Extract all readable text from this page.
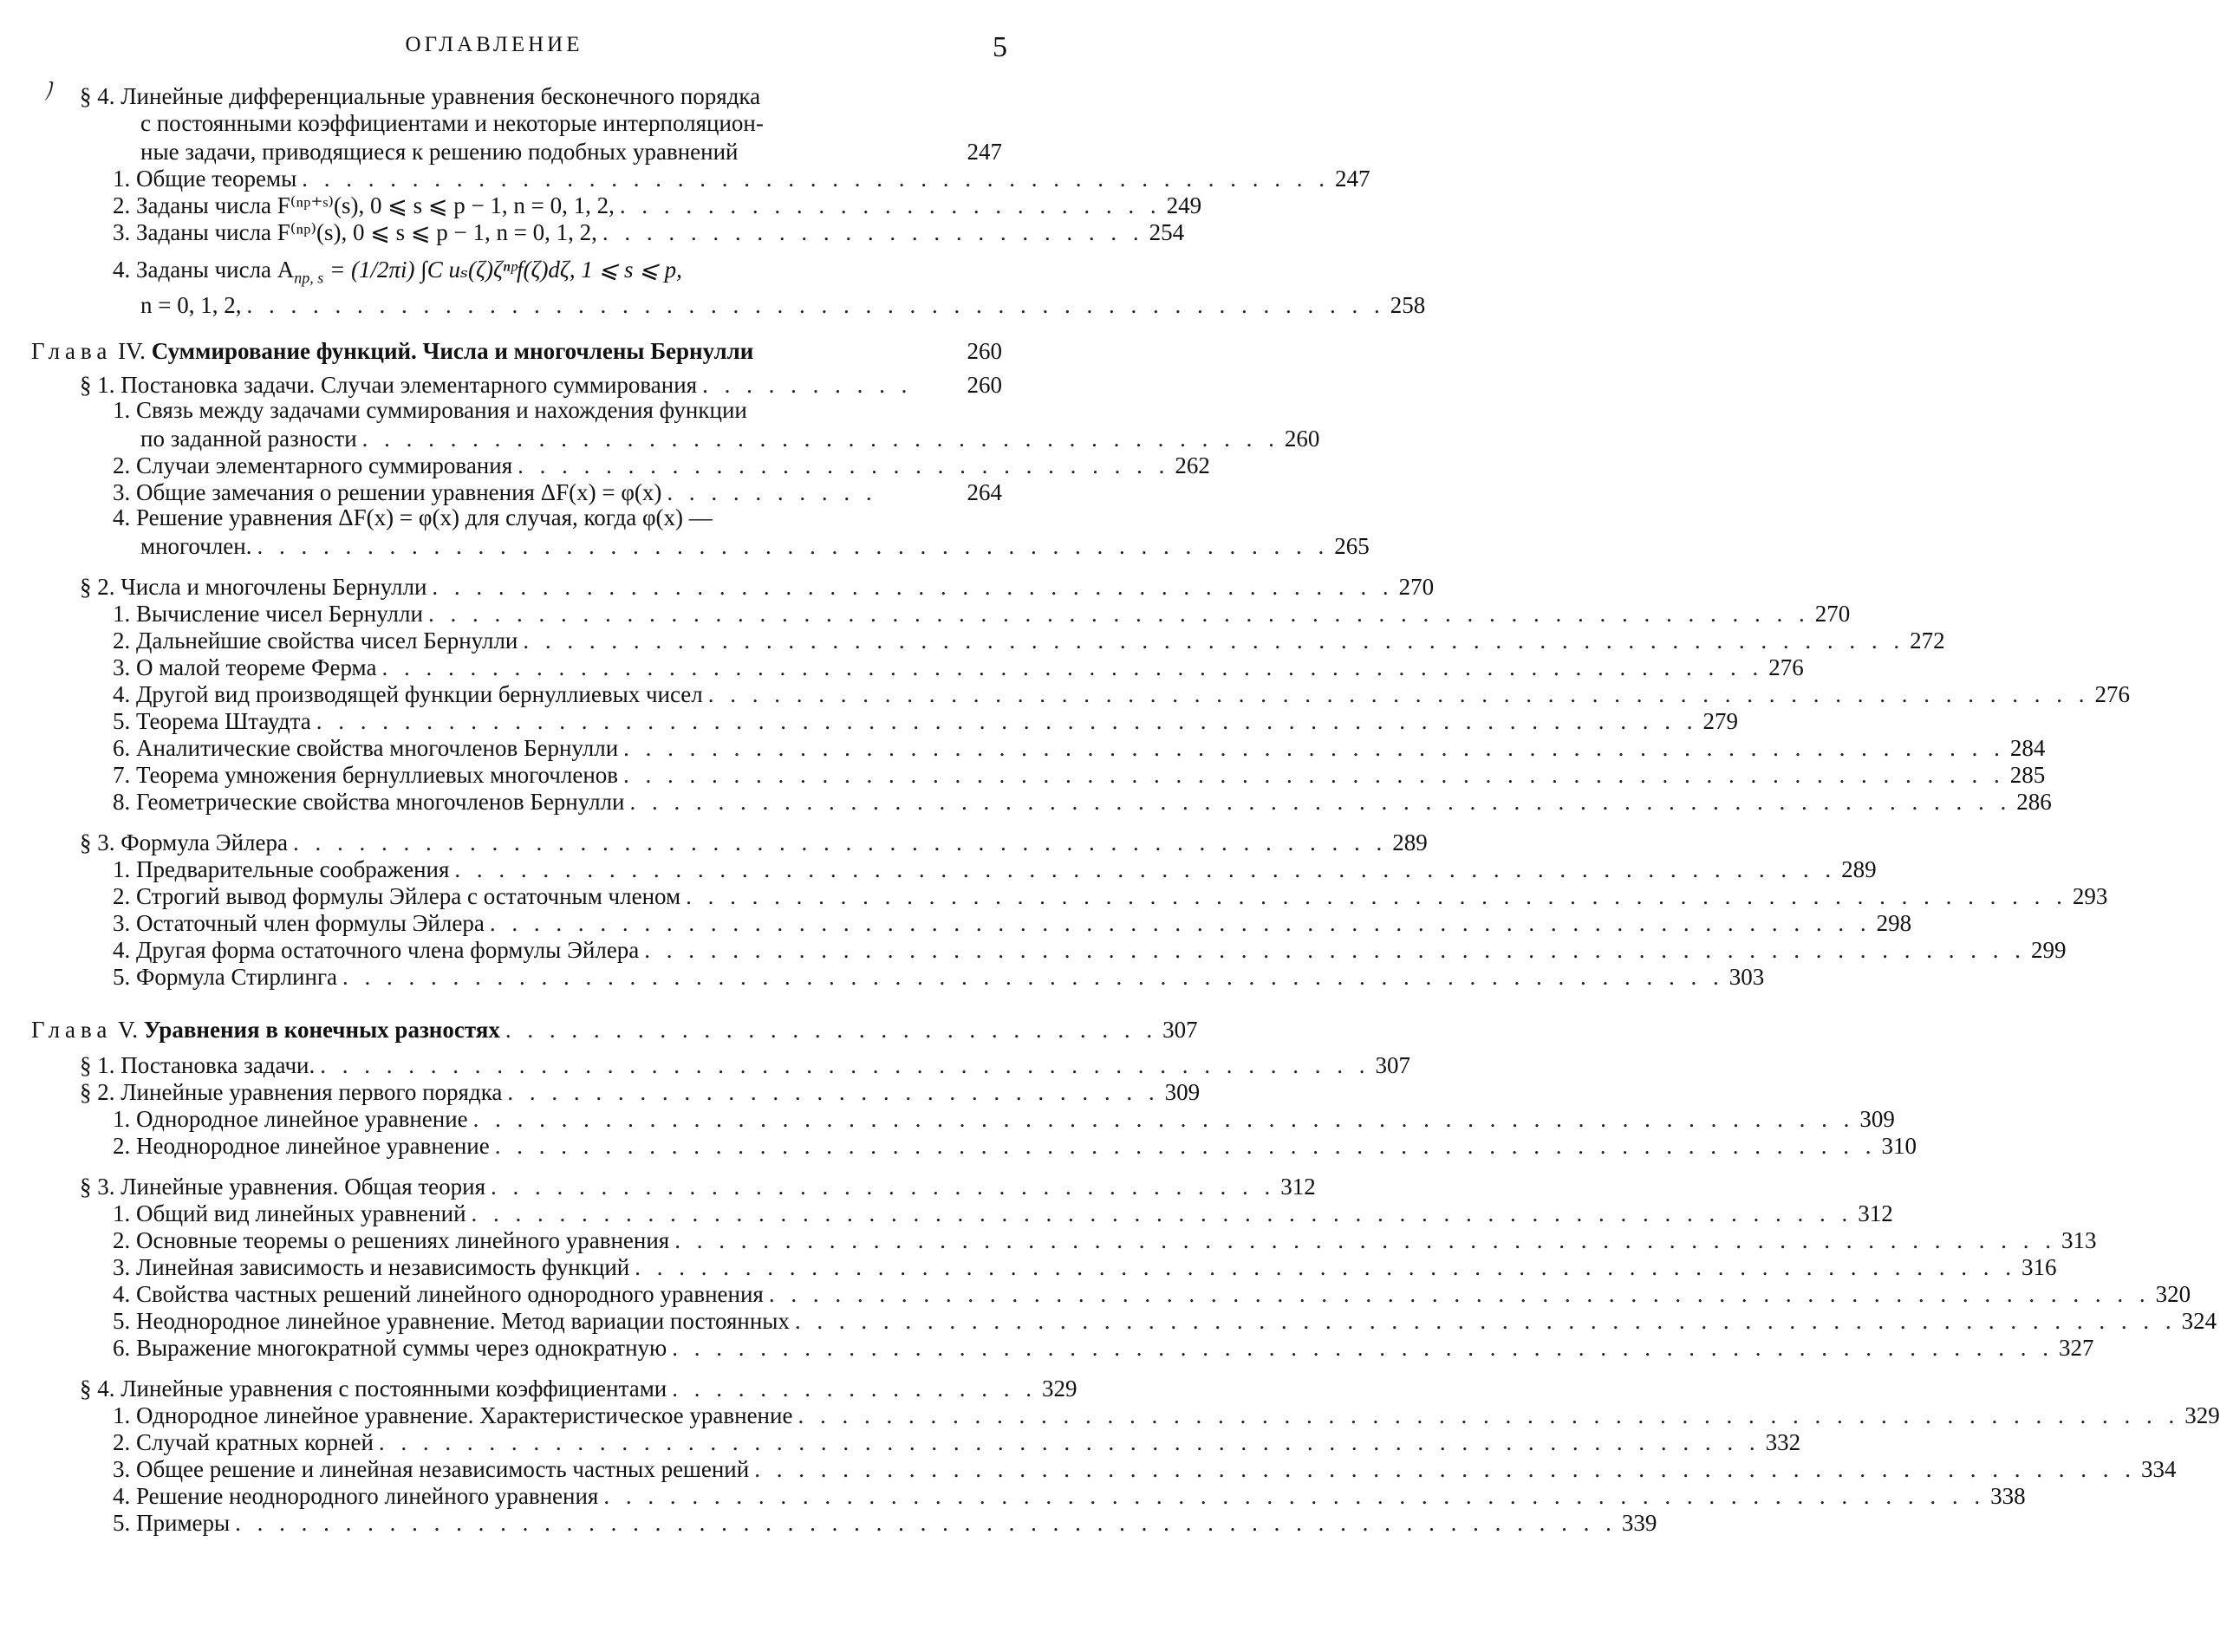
ОГЛАВЛЕНИЕ	5
ノ § 4. Линейные дифференциальные уравнения бесконечного порядка
с постоянными коэффициентами и некоторые интерполяцион-
ные задачи, приводящиеся к решению подобных уравнений	247
1. Общие теоремы . . . . . . . . . . . . . . . . . . . . . . . . . . . . . . . . . . . . . . . . . . . . . . . 247
2. Заданы числа F⁽ⁿᵖ⁺ˢ⁾(s), 0 ⩽ s ⩽ p − 1, n = 0, 1, 2, . . . . . . . . . . . . . . . . . . . . . . . . . 249
3. Заданы числа F⁽ⁿᵖ⁾(s), 0 ⩽ s ⩽ p − 1, n = 0, 1, 2, . . . . . . . . . . . . . . . . . . . . . . . . . 254
4. Заданы числа $A_{np, s} = (1/2\pi i)$ ∫C uₛ(ζ)ζⁿᵖf(ζ)dζ, 1 ⩽ s ⩽ p,
n = 0, 1, 2, . . . . . . . . . . . . . . . . . . . . . . . . . . . . . . . . . . . . . . . . . . . . . . . . . . . . 258
Глава IV. Суммирование функций. Числа и многочлены Бернулли	260
§ 1. Постановка задачи. Случаи элементарного суммирования . . . . . . . . . .	260
1. Связь между задачами суммирования и нахождения функции
по заданной разности . . . . . . . . . . . . . . . . . . . . . . . . . . . . . . . . . . . . . . . . . . 260
2. Случаи элементарного суммирования . . . . . . . . . . . . . . . . . . . . . . . . . . . . . . 262
3. Общие замечания о решении уравнения ΔF(x) = φ(x) . . . . . . . . . .	264
4. Решение уравнения ΔF(x) = φ(x) для случая, когда φ(x) —
многочлен. . . . . . . . . . . . . . . . . . . . . . . . . . . . . . . . . . . . . . . . . . . . . . . . . . 265
§ 2. Числа и многочлены Бернулли . . . . . . . . . . . . . . . . . . . . . . . . . . . . . . . . . . . . . . . . . . . . 270
1. Вычисление чисел Бернулли . . . . . . . . . . . . . . . . . . . . . . . . . . . . . . . . . . . . . . . . . . . . . . . . . . . . . . . . . . . . . . . 270
2. Дальнейшие свойства чисел Бернулли . . . . . . . . . . . . . . . . . . . . . . . . . . . . . . . . . . . . . . . . . . . . . . . . . . . . . . . . . . . . . . . 272
3. О малой теореме Ферма . . . . . . . . . . . . . . . . . . . . . . . . . . . . . . . . . . . . . . . . . . . . . . . . . . . . . . . . . . . . . . . 276
4. Другой вид производящей функции бернуллиевых чисел . . . . . . . . . . . . . . . . . . . . . . . . . . . . . . . . . . . . . . . . . . . . . . . . . . . . . . . . . . . . . . . 276
5. Теорема Штаудта . . . . . . . . . . . . . . . . . . . . . . . . . . . . . . . . . . . . . . . . . . . . . . . . . . . . . . . . . . . . . . . 279
6. Аналитические свойства многочленов Бернулли . . . . . . . . . . . . . . . . . . . . . . . . . . . . . . . . . . . . . . . . . . . . . . . . . . . . . . . . . . . . . . . 284
7. Теорема умножения бернуллиевых многочленов . . . . . . . . . . . . . . . . . . . . . . . . . . . . . . . . . . . . . . . . . . . . . . . . . . . . . . . . . . . . . . . 285
8. Геометрические свойства многочленов Бернулли . . . . . . . . . . . . . . . . . . . . . . . . . . . . . . . . . . . . . . . . . . . . . . . . . . . . . . . . . . . . . . . 286
§ 3. Формула Эйлера . . . . . . . . . . . . . . . . . . . . . . . . . . . . . . . . . . . . . . . . . . . . . . . . . . 289
1. Предварительные соображения . . . . . . . . . . . . . . . . . . . . . . . . . . . . . . . . . . . . . . . . . . . . . . . . . . . . . . . . . . . . . . . 289
2. Строгий вывод формулы Эйлера с остаточным членом . . . . . . . . . . . . . . . . . . . . . . . . . . . . . . . . . . . . . . . . . . . . . . . . . . . . . . . . . . . . . . . 293
3. Остаточный член формулы Эйлера . . . . . . . . . . . . . . . . . . . . . . . . . . . . . . . . . . . . . . . . . . . . . . . . . . . . . . . . . . . . . . . 298
4. Другая форма остаточного члена формулы Эйлера . . . . . . . . . . . . . . . . . . . . . . . . . . . . . . . . . . . . . . . . . . . . . . . . . . . . . . . . . . . . . . . 299
5. Формула Стирлинга . . . . . . . . . . . . . . . . . . . . . . . . . . . . . . . . . . . . . . . . . . . . . . . . . . . . . . . . . . . . . . . 303
Глава V. Уравнения в конечных разностях . . . . . . . . . . . . . . . . . . . . . . . . . . . . . . 307
§ 1. Постановка задачи. . . . . . . . . . . . . . . . . . . . . . . . . . . . . . . . . . . . . . . . . . . . . . . . . 307
§ 2. Линейные уравнения первого порядка . . . . . . . . . . . . . . . . . . . . . . . . . . . . . . 309
1. Однородное линейное уравнение . . . . . . . . . . . . . . . . . . . . . . . . . . . . . . . . . . . . . . . . . . . . . . . . . . . . . . . . . . . . . . . 309
2. Неоднородное линейное уравнение . . . . . . . . . . . . . . . . . . . . . . . . . . . . . . . . . . . . . . . . . . . . . . . . . . . . . . . . . . . . . . . 310
§ 3. Линейные уравнения. Общая теория . . . . . . . . . . . . . . . . . . . . . . . . . . . . . . . . . . . . 312
1. Общий вид линейных уравнений . . . . . . . . . . . . . . . . . . . . . . . . . . . . . . . . . . . . . . . . . . . . . . . . . . . . . . . . . . . . . . . 312
2. Основные теоремы о решениях линейного уравнения . . . . . . . . . . . . . . . . . . . . . . . . . . . . . . . . . . . . . . . . . . . . . . . . . . . . . . . . . . . . . . . 313
3. Линейная зависимость и независимость функций . . . . . . . . . . . . . . . . . . . . . . . . . . . . . . . . . . . . . . . . . . . . . . . . . . . . . . . . . . . . . . . 316
4. Свойства частных решений линейного однородного уравнения . . . . . . . . . . . . . . . . . . . . . . . . . . . . . . . . . . . . . . . . . . . . . . . . . . . . . . . . . . . . . . . 320
5. Неоднородное линейное уравнение. Метод вариации постоянных . . . . . . . . . . . . . . . . . . . . . . . . . . . . . . . . . . . . . . . . . . . . . . . . . . . . . . . . . . . . . . . 324
6. Выражение многократной суммы через однократную . . . . . . . . . . . . . . . . . . . . . . . . . . . . . . . . . . . . . . . . . . . . . . . . . . . . . . . . . . . . . . . 327
§ 4. Линейные уравнения с постоянными коэффициентами . . . . . . . . . . . . . . . . . 329
1. Однородное линейное уравнение. Характеристическое уравнение . . . . . . . . . . . . . . . . . . . . . . . . . . . . . . . . . . . . . . . . . . . . . . . . . . . . . . . . . . . . . . . 329
2. Случай кратных корней . . . . . . . . . . . . . . . . . . . . . . . . . . . . . . . . . . . . . . . . . . . . . . . . . . . . . . . . . . . . . . . 332
3. Общее решение и линейная независимость частных решений . . . . . . . . . . . . . . . . . . . . . . . . . . . . . . . . . . . . . . . . . . . . . . . . . . . . . . . . . . . . . . . 334
4. Решение неоднородного линейного уравнения . . . . . . . . . . . . . . . . . . . . . . . . . . . . . . . . . . . . . . . . . . . . . . . . . . . . . . . . . . . . . . . 338
5. Примеры . . . . . . . . . . . . . . . . . . . . . . . . . . . . . . . . . . . . . . . . . . . . . . . . . . . . . . . . . . . . . . . 339
